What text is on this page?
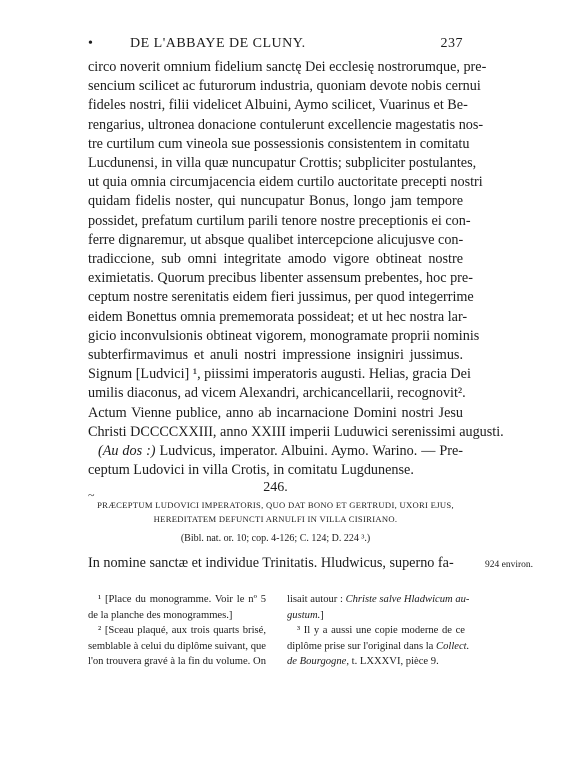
•	DE L'ABBAYE DE CLUNY.	237
circo noverit omnium fidelium sanctę Dei ecclesię nostrorumque, pre-
sencium scilicet ac futurorum industria, quoniam devote nobis cernui
fideles nostri, filii videlicet Albuini, Aymo scilicet, Vuarinus et Be-
rengarius, ultronea donacione contulerunt excellencie magestatis nos-
tre curtilum cum vineola sue possessionis consistentem in comitatu
Lucdunensi, in villa quæ nuncupatur Crottis; subpliciter postulantes,
ut quia omnia circumjacencia eidem curtilo auctoritate precepti nostri
quidam fidelis noster, qui nuncupatur Bonus, longo jam tempore
possidet, prefatum curtilum parili tenore nostre preceptionis ei con-
ferre dignaremur, ut absque qualibet intercepcione alicujusve con-
tradiccione, sub omni integritate amodo vigore obtineat nostre
eximietatis. Quorum precibus libenter assensum prebentes, hoc pre-
ceptum nostre serenitatis eidem fieri jussimus, per quod integerrime
eidem Bonettus omnia prememorata possideat; et ut hec nostra lar-
gicio inconvulsionis obtineat vigorem, monogramate proprii nominis
subterfirmavimus et anuli nostri impressione insigniri jussimus.
Signum [Ludvici] ¹, piissimi imperatoris augusti. Helias, gracia Dei
umilis diaconus, ad vicem Alexandri, archicancellarii, recognovit².
Actum Vienne publice, anno ab incarnacione Domini nostri Jesu
Christi DCCCCXXIII, anno XXIII imperii Luduwici serenissimi augusti.
(Au dos :) Ludvicus, imperator. Albuini. Aymo. Warino. — Pre-
ceptum Ludovici in villa Crotis, in comitatu Lugdunense.
~	246.
PRÆCEPTUM LUDOVICI IMPERATORIS, QUO DAT BONO ET GERTRUDI, UXORI EJUS,
HEREDITATEM DEFUNCTI ARNULFI IN VILLA CISIRIANO.
(Bibl. nat. or. 10; cop. 4-126; C. 124; D. 224 ³.)
In nomine sanctæ et individue Trinitatis. Hludwicus, superno fa-	924 environ.
¹ [Place du monogramme. Voir le nº 5
de la planche des monogrammes.]
² [Sceau plaqué, aux trois quarts brisé,
semblable à celui du diplôme suivant, que
l'on trouvera gravé à la fin du volume. On
lisait autour : Christe salve Hladwicum au-
gustum.]
³ Il y a aussi une copie moderne de ce
diplôme prise sur l'original dans la Collect.
de Bourgogne, t. LXXXVI, pièce 9.
